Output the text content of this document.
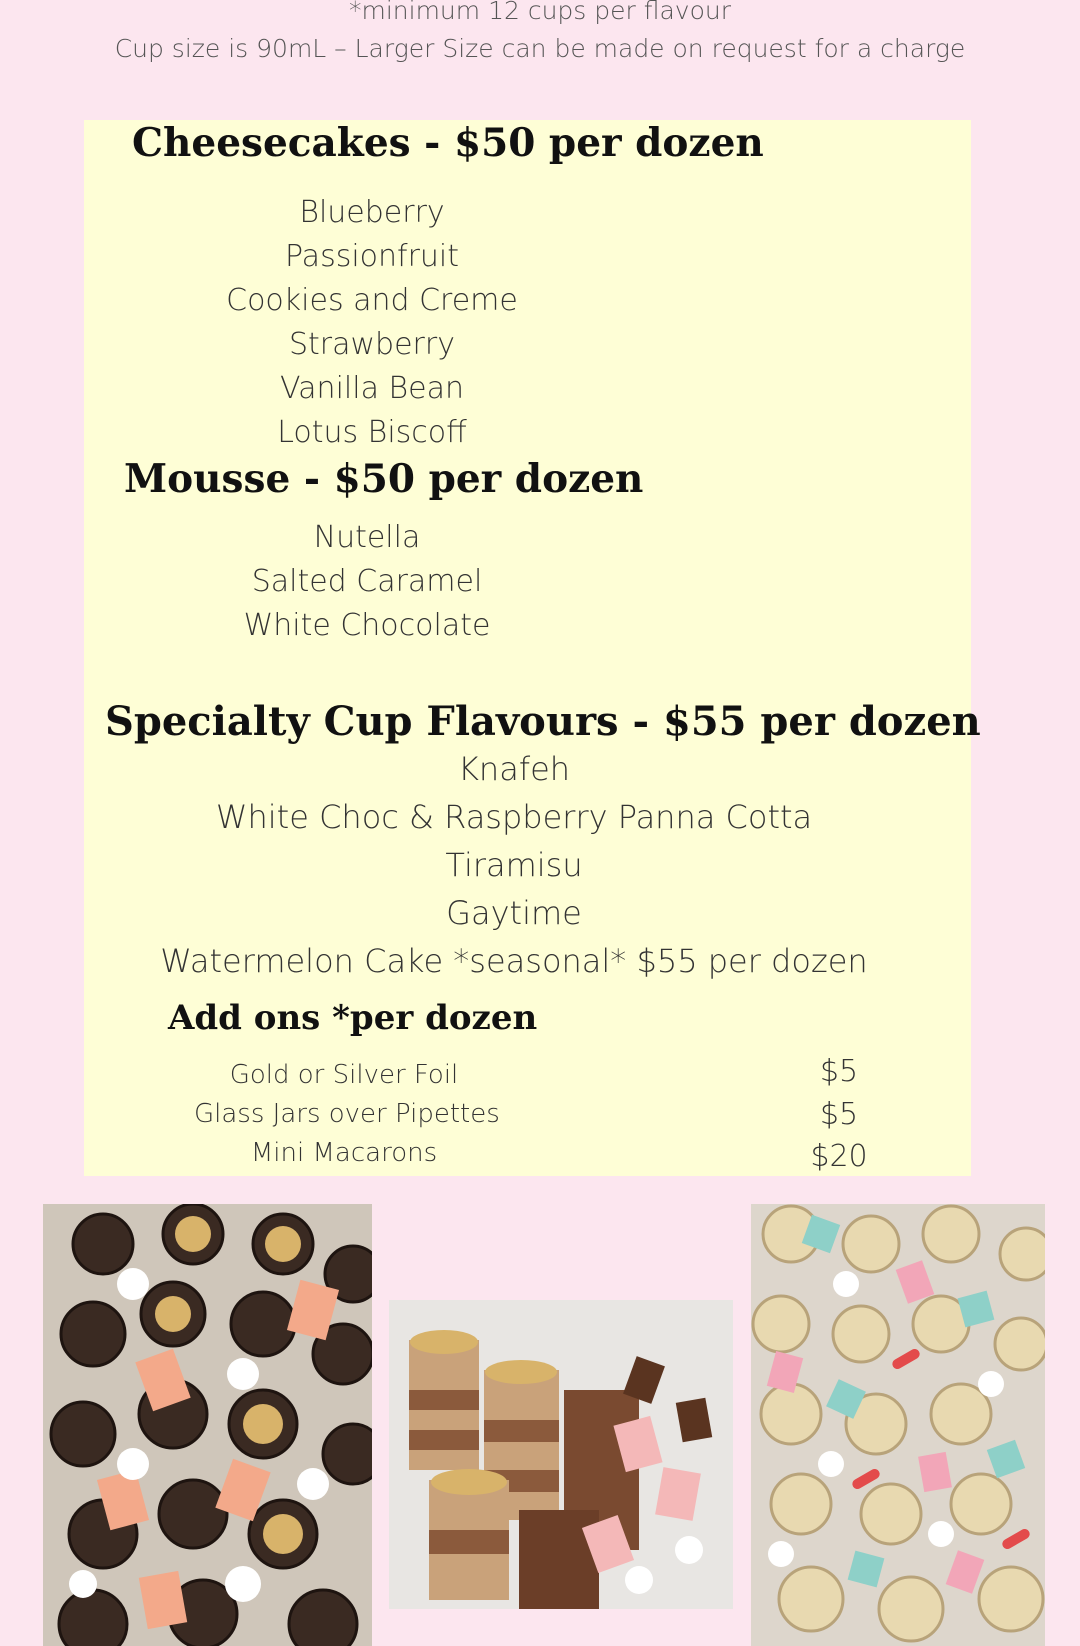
*minimum 12 cups per flavour
Cup size is 90mL – Larger Size can be made on request for a charge
Cheesecakes - $50 per dozen
Blueberry
Passionfruit
Cookies and Creme
Strawberry
Vanilla Bean
Lotus Biscoff
Mousse - $50 per dozen
Nutella
Salted Caramel
White Chocolate
Specialty Cup Flavours - $55 per dozen
Knafeh
White Choc & Raspberry Panna Cotta
Tiramisu
Gaytime
Watermelon Cake *seasonal* $55 per dozen
Add ons *per dozen
Gold or Silver Foil	$5
Glass Jars over Pipettes	$5
Mini Macarons	$20
